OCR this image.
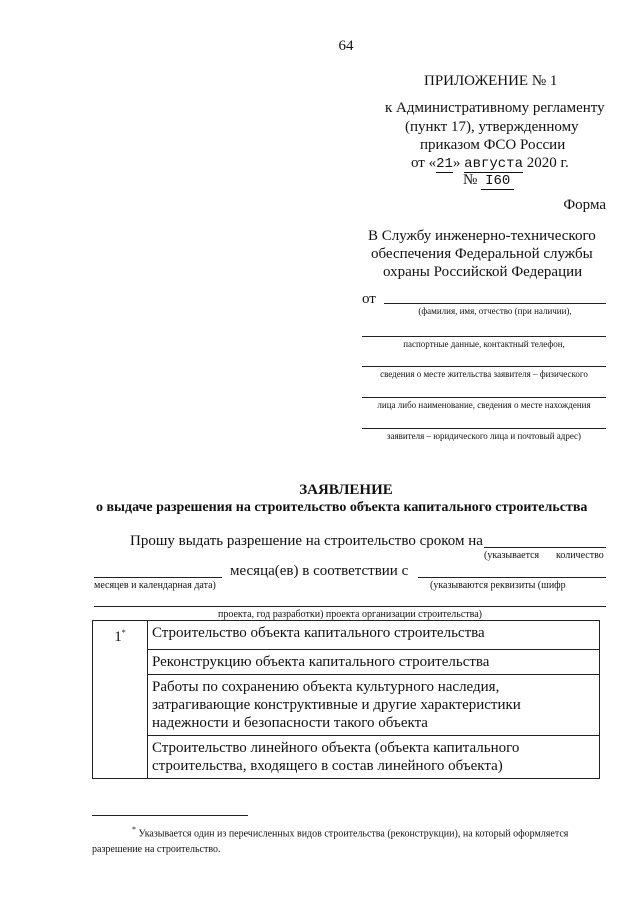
64
ПРИЛОЖЕНИЕ № 1
к Административному регламенту
(пункт 17), утвержденному
приказом ФСО России
от «21» августа 2020 г.
№ I60
Форма
В Службу инженерно-технического
обеспечения Федеральной службы
охраны Российской Федерации
от
(фамилия, имя, отчество (при наличии),
паспортные данные, контактный телефон,
сведения о месте жительства заявителя – физического
лица либо наименование, сведения о месте нахождения
заявителя – юридического лица и почтовый адрес)
ЗАЯВЛЕНИЕ
о выдаче разрешения на строительство объекта капитального строительства
Прошу выдать разрешение на строительство сроком на
(указывается количество
месяца(ев) в соответствии с
месяцев и календарная дата)	(указываются реквизиты (шифр
проекта, год разработки) проекта организации строительства)
1*	Строительство объекта капитального строительства
	Реконструкцию объекта капитального строительства
	Работы по сохранению объекта культурного наследия, затрагивающие конструктивные и другие характеристики надежности и безопасности такого объекта
	Строительство линейного объекта (объекта капитального строительства, входящего в состав линейного объекта)
* Указывается один из перечисленных видов строительства (реконструкции), на который оформляется разрешение на строительство.
